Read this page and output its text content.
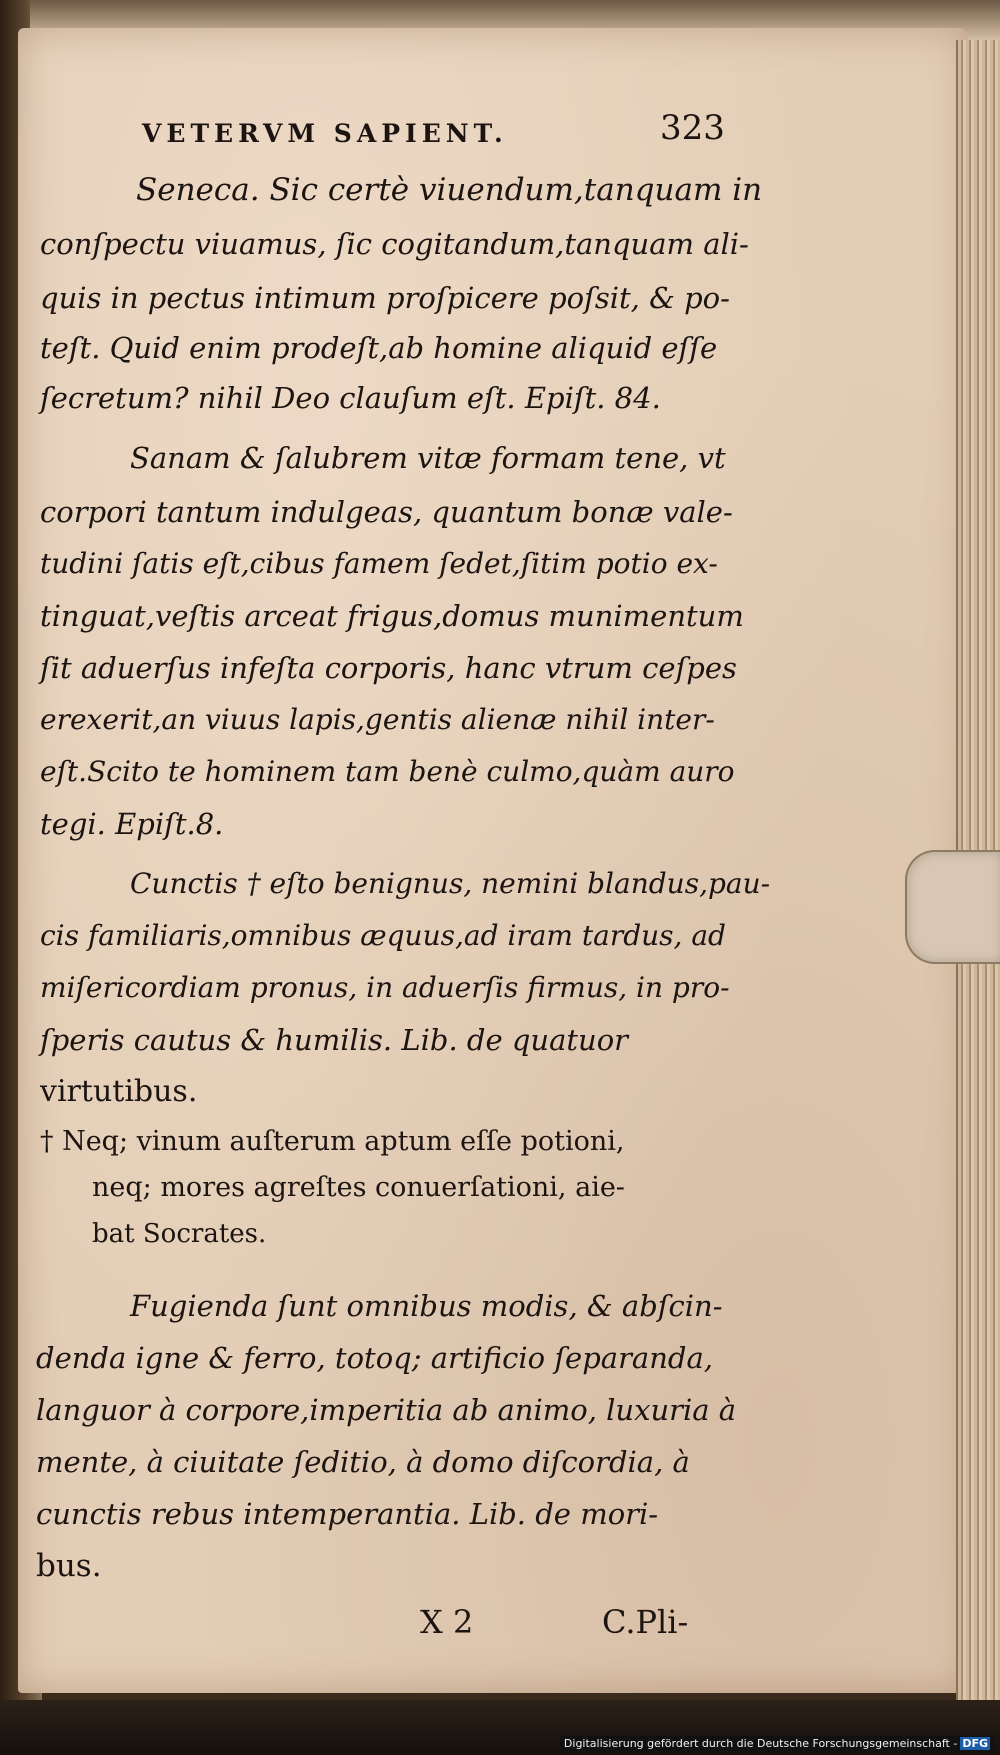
VETERVM SAPIENT.	323
Seneca. Sic certè viuendum,tanquam in
conſpectu viuamus, ſic cogitandum,tanquam ali-
quis in pectus intimum proſpicere poſsit, & po-
teſt. Quid enim prodeſt,ab homine aliquid eſſe
ſecretum? nihil Deo clauſum eſt. Epiſt. 84.
Sanam & ſalubrem vitæ formam tene, vt
corpori tantum indulgeas, quantum bonæ vale-
tudini ſatis eſt,cibus famem ſedet,ſitim potio ex-
tinguat,veſtis arceat frigus,domus munimentum
ſit aduerſus infeſta corporis, hanc vtrum ceſpes
erexerit,an viuus lapis,gentis alienæ nihil inter-
eſt.Scito te hominem tam benè culmo,quàm auro
tegi. Epiſt.8.
Cunctis † eſto benignus, nemini blandus,pau-
cis familiaris,omnibus æquus,ad iram tardus, ad
miſericordiam pronus, in aduerſis firmus, in pro-
ſperis cautus & humilis. Lib. de quatuor
virtutibus.
† Neq; vinum auſterum aptum eſſe potioni,
neq; mores agreſtes conuerſationi, aie-
bat Socrates.
Fugienda ſunt omnibus modis, & abſcin-
denda igne & ferro, totoq; artificio ſeparanda,
languor à corpore,imperitia ab animo, luxuria à
mente, à ciuitate ſeditio, à domo diſcordia, à
cunctis rebus intemperantia. Lib. de mori-
bus.
X 2	C.Pli-
Digitalisierung gefördert durch die Deutsche Forschungsgemeinschaft - DFG
